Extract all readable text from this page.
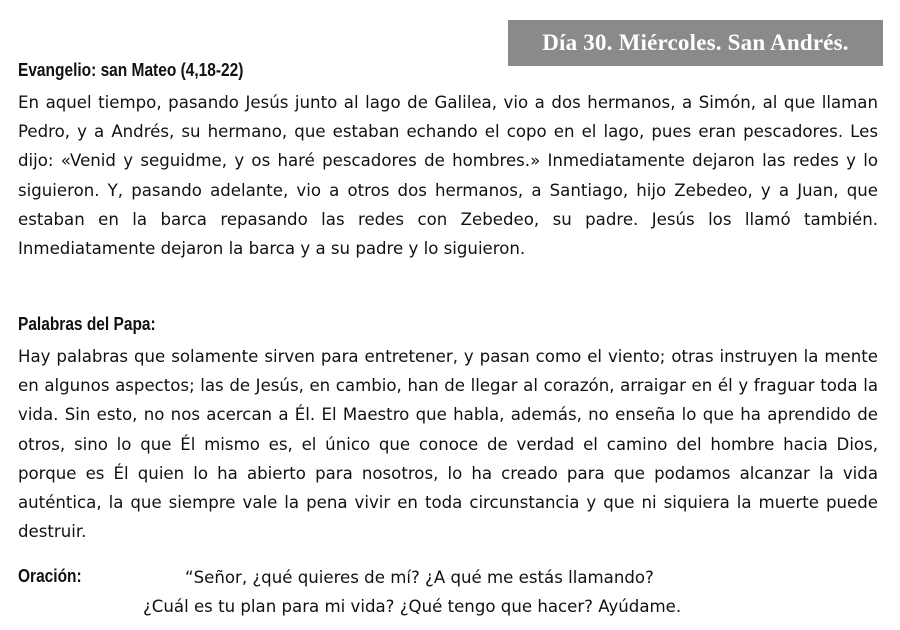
Día 30. Miércoles. San Andrés.
Evangelio: san Mateo (4,18-22)

En aquel tiempo, pasando Jesús junto al lago de Galilea, vio a dos hermanos, a Simón, al que llaman Pedro, y a Andrés, su hermano, que estaban echando el copo en el lago, pues eran pescadores. Les dijo: «Venid y seguidme, y os haré pescadores de hombres.» Inmediatamente dejaron las redes y lo siguieron. Y, pasando adelante, vio a otros dos hermanos, a Santiago, hijo Zebedeo, y a Juan, que estaban en la barca repasando las redes con Zebedeo, su padre. Jesús los llamó también. Inmediatamente dejaron la barca y a su padre y lo siguieron.

Palabras del Papa:

Hay palabras que solamente sirven para entretener, y pasan como el viento; otras instruyen la mente en algunos aspectos; las de Jesús, en cambio, han de llegar al corazón, arraigar en él y fraguar toda la vida. Sin esto, no nos acercan a Él. El Maestro que habla, además, no enseña lo que ha aprendido de otros, sino lo que Él mismo es, el único que conoce de verdad el camino del hombre hacia Dios, porque es Él quien lo ha abierto para nosotros, lo ha creado para que podamos alcanzar la vida auténtica, la que siempre vale la pena vivir en toda circunstancia y que ni siquiera la muerte puede destruir.

Oración:	“Señor, ¿qué quieres de mí? ¿A qué me estás llamando?
¿Cuál es tu plan para mi vida? ¿Qué tengo que hacer? Ayúdame.
